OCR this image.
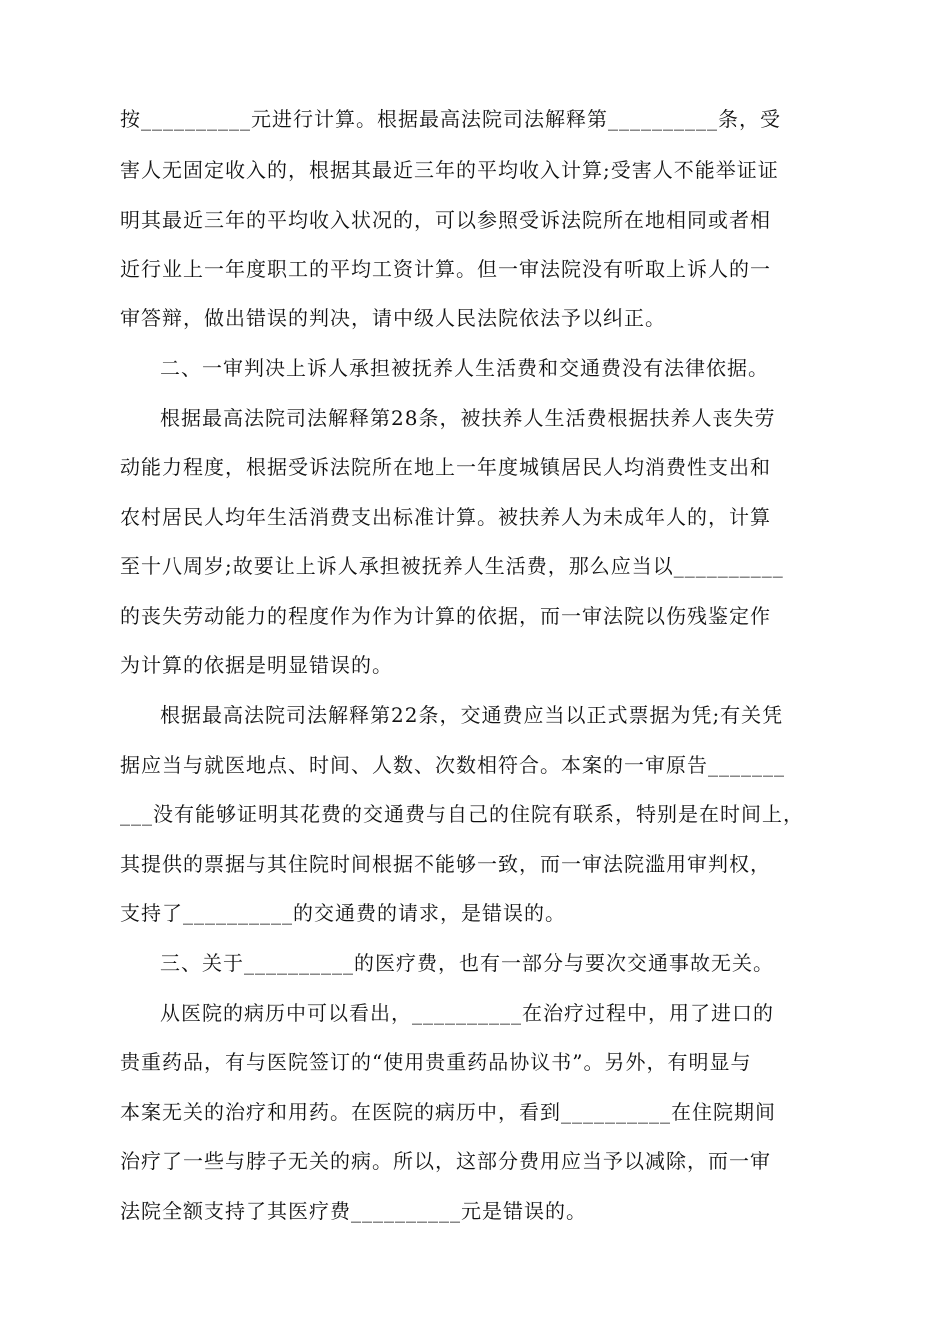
按__________元进行计算。根据最高法院司法解释第__________条，受
害人无固定收入的，根据其最近三年的平均收入计算;受害人不能举证证
明其最近三年的平均收入状况的，可以参照受诉法院所在地相同或者相
近行业上一年度职工的平均工资计算。但一审法院没有听取上诉人的一
审答辩，做出错误的判决，请中级人民法院依法予以纠正。
二、一审判决上诉人承担被抚养人生活费和交通费没有法律依据。
根据最高法院司法解释第28条，被扶养人生活费根据扶养人丧失劳
动能力程度，根据受诉法院所在地上一年度城镇居民人均消费性支出和
农村居民人均年生活消费支出标准计算。被扶养人为未成年人的，计算
至十八周岁;故要让上诉人承担被抚养人生活费，那么应当以__________
的丧失劳动能力的程度作为作为计算的依据，而一审法院以伤残鉴定作
为计算的依据是明显错误的。
根据最高法院司法解释第22条，交通费应当以正式票据为凭;有关凭
据应当与就医地点、时间、人数、次数相符合。本案的一审原告_______
___没有能够证明其花费的交通费与自己的住院有联系，特别是在时间上，
其提供的票据与其住院时间根据不能够一致，而一审法院滥用审判权，
支持了__________的交通费的请求，是错误的。
三、关于__________的医疗费，也有一部分与要次交通事故无关。
从医院的病历中可以看出，__________在治疗过程中，用了进口的
贵重药品，有与医院签订的“使用贵重药品协议书”。另外，有明显与
本案无关的治疗和用药。在医院的病历中，看到__________在住院期间
治疗了一些与脖子无关的病。所以，这部分费用应当予以减除，而一审
法院全额支持了其医疗费__________元是错误的。
